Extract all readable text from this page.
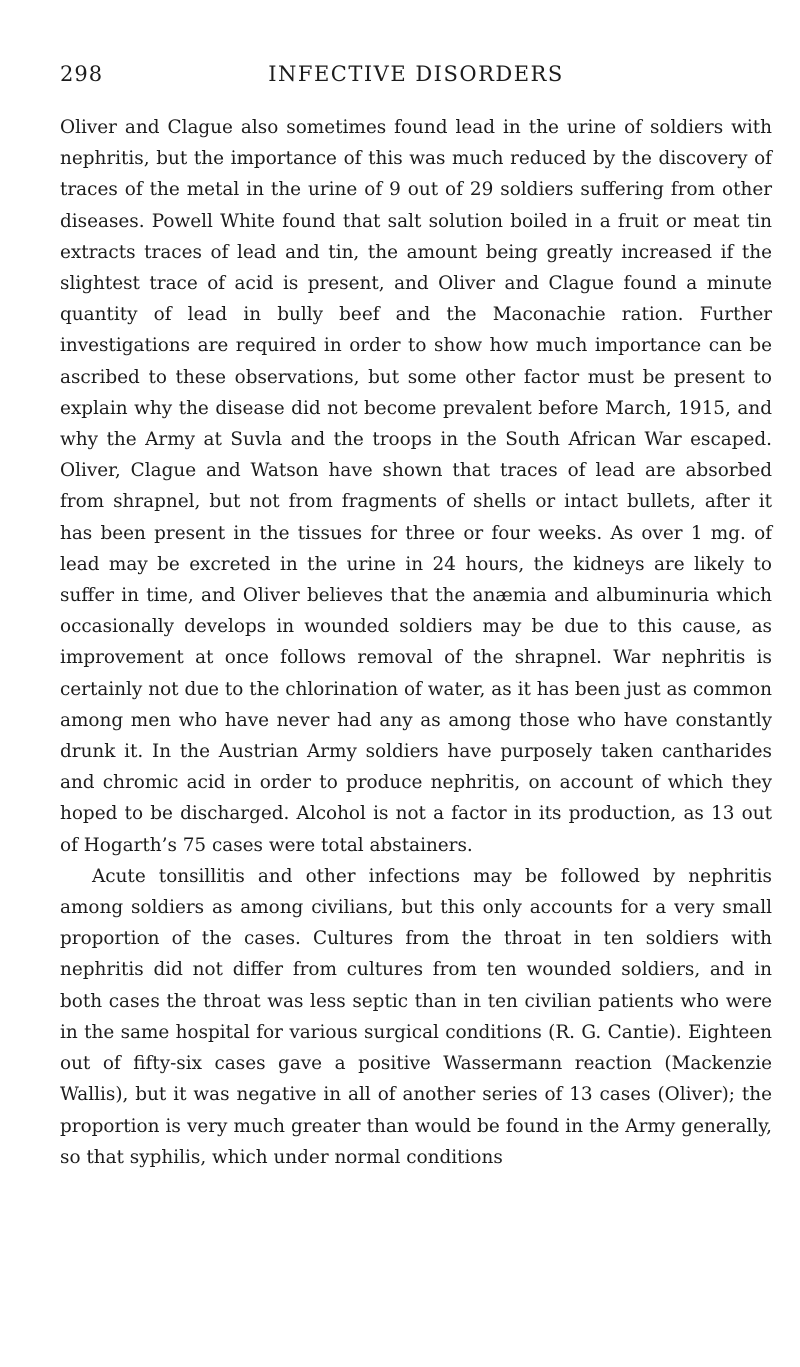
298	INFECTIVE DISORDERS

Oliver and Clague also sometimes found lead in the urine of soldiers with nephritis, but the importance of this was much reduced by the discovery of traces of the metal in the urine of 9 out of 29 soldiers suffering from other diseases. Powell White found that salt solution boiled in a fruit or meat tin extracts traces of lead and tin, the amount being greatly increased if the slightest trace of acid is present, and Oliver and Clague found a minute quantity of lead in bully beef and the Maconachie ration. Further investigations are required in order to show how much importance can be ascribed to these observations, but some other factor must be present to explain why the disease did not become prevalent before March, 1915, and why the Army at Suvla and the troops in the South African War escaped. Oliver, Clague and Watson have shown that traces of lead are absorbed from shrapnel, but not from fragments of shells or intact bullets, after it has been present in the tissues for three or four weeks. As over 1 mg. of lead may be excreted in the urine in 24 hours, the kidneys are likely to suffer in time, and Oliver believes that the anæmia and albuminuria which occasionally develops in wounded soldiers may be due to this cause, as improvement at once follows removal of the shrapnel. War nephritis is certainly not due to the chlorination of water, as it has been just as common among men who have never had any as among those who have constantly drunk it. In the Austrian Army soldiers have purposely taken cantharides and chromic acid in order to produce nephritis, on account of which they hoped to be discharged. Alcohol is not a factor in its production, as 13 out of Hogarth’s 75 cases were total abstainers.

Acute tonsillitis and other infections may be followed by nephritis among soldiers as among civilians, but this only accounts for a very small proportion of the cases. Cultures from the throat in ten soldiers with nephritis did not differ from cultures from ten wounded soldiers, and in both cases the throat was less septic than in ten civilian patients who were in the same hospital for various surgical conditions (R. G. Cantie). Eighteen out of fifty-six cases gave a positive Wassermann reaction (Mackenzie Wallis), but it was negative in all of another series of 13 cases (Oliver); the proportion is very much greater than would be found in the Army generally, so that syphilis, which under normal conditions
